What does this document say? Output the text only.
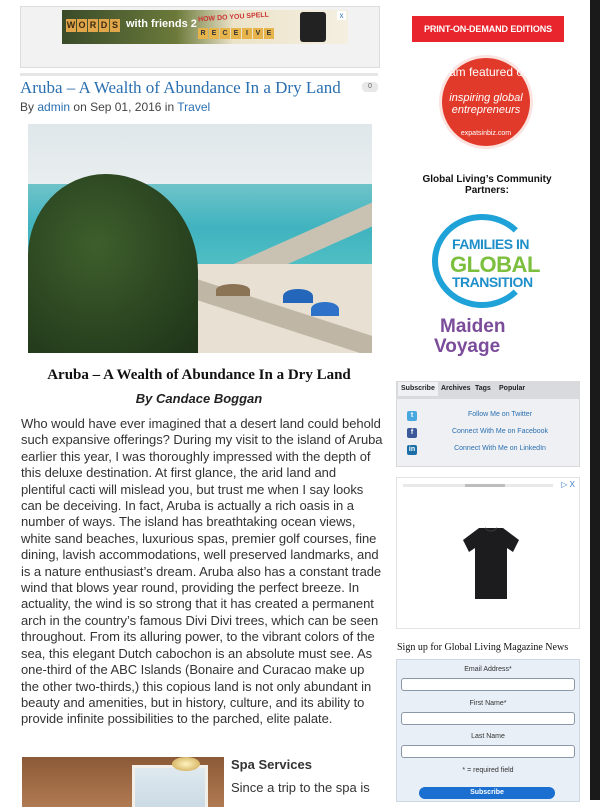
W O R D S with friends 2
HOW DO YOU SPELL
R E C E	I	V E
x
Aruba – A Wealth of Abundance In a Dry Land	0
By admin on Sep 01, 2016 in Travel
Aruba – A Wealth of Abundance In a Dry Land
By Candace Boggan

Who would have ever imagined that a desert land could behold such expansive offerings? During my visit to the island of Aruba earlier this year, I was thoroughly impressed with the depth of this deluxe destination. At first glance, the arid land and plentiful cacti will mislead you, but trust me when I say looks can be deceiving. In fact, Aruba is actually a rich oasis in a number of ways. The island has breathtaking ocean views, white sand beaches, luxurious spas, premier golf courses, fine dining, lavish accommodations, well preserved landmarks, and is a nature enthusiast’s dream. Aruba also has a constant trade wind that blows year round, providing the perfect breeze. In actuality, the wind is so strong that it has created a permanent arch in the country’s famous Divi Divi trees, which can be seen throughout. From its alluring power, to the vibrant colors of the sea, this elegant Dutch cabochon is an absolute must see. As one-third of the ABC Islands (Bonaire and Curacao make up the other two-thirds,) this copious land is not only abundant in beauty and amenities, but in history, culture, and its ability to provide infinite possibilities to the parched, elite palate.

Spa Services
Since a trip to the spa is
PRINT-ON-DEMAND EDITIONS
I am featured on
inspiring global entrepreneurs
expatsinbiz.com
Global Living’s Community Partners:
FAMILIES IN
GLOBAL
TRANSITION
Maiden
Voyage
Subscribe Archives Tags Popular
t	Follow Me on Twitter
f	Connect With Me on Facebook
in	Connect With Me on LinkedIn
▷ X
Sign up for Global Living Magazine News
Email Address*
First Name*
Last Name
* = required field
Subscribe
